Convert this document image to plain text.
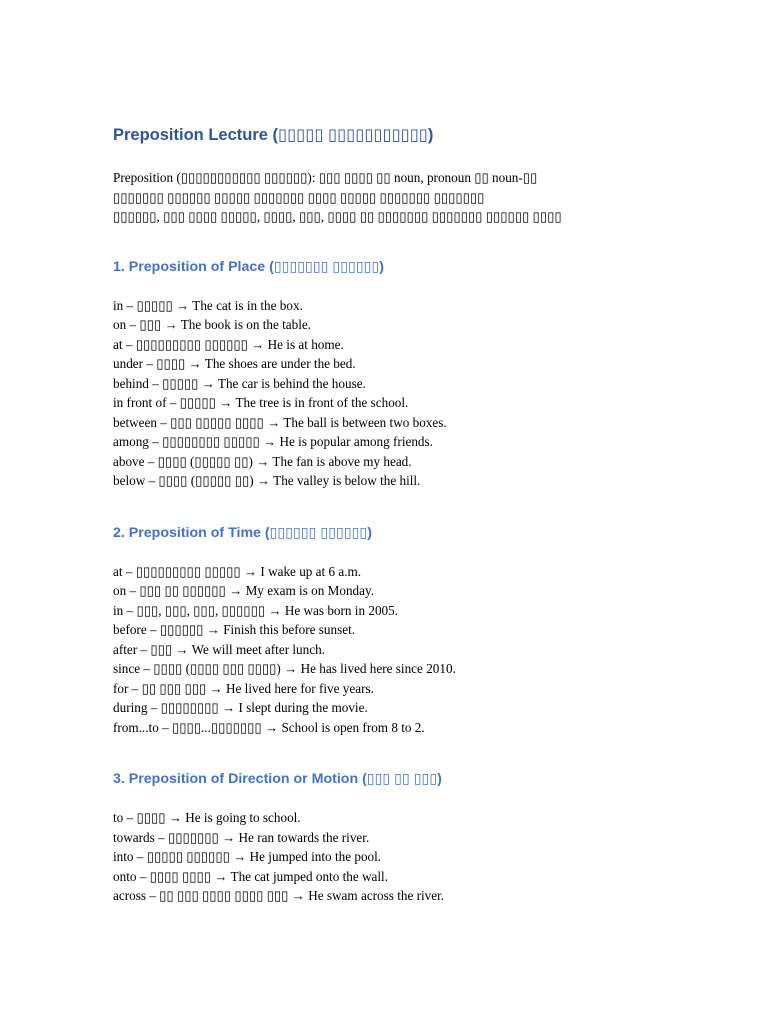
Preposition Lecture (▯▯▯▯▯ ▯▯▯▯▯▯▯▯▯▯▯)

Preposition (▯▯▯▯▯▯▯▯▯▯▯ ▯▯▯▯▯▯): ▯▯▯ ▯▯▯▯ ▯▯ noun, pronoun ▯▯ noun-▯▯
▯▯▯▯▯▯▯ ▯▯▯▯▯▯ ▯▯▯▯▯ ▯▯▯▯▯▯▯ ▯▯▯▯ ▯▯▯▯▯ ▯▯▯▯▯▯▯ ▯▯▯▯▯▯▯
▯▯▯▯▯▯, ▯▯▯ ▯▯▯▯ ▯▯▯▯▯, ▯▯▯▯, ▯▯▯, ▯▯▯▯ ▯▯ ▯▯▯▯▯▯▯ ▯▯▯▯▯▯▯ ▯▯▯▯▯▯ ▯▯▯▯

1. Preposition of Place (▯▯▯▯▯▯▯ ▯▯▯▯▯▯)
in – ▯▯▯▯▯ → The cat is in the box.
on – ▯▯▯ → The book is on the table.
at – ▯▯▯▯▯▯▯▯▯ ▯▯▯▯▯▯ → He is at home.
under – ▯▯▯▯ → The shoes are under the bed.
behind – ▯▯▯▯▯ → The car is behind the house.
in front of – ▯▯▯▯▯ → The tree is in front of the school.
between – ▯▯▯ ▯▯▯▯▯ ▯▯▯▯ → The ball is between two boxes.
among – ▯▯▯▯▯▯▯▯ ▯▯▯▯▯ → He is popular among friends.
above – ▯▯▯▯ (▯▯▯▯▯ ▯▯) → The fan is above my head.
below – ▯▯▯▯ (▯▯▯▯▯ ▯▯) → The valley is below the hill.
2. Preposition of Time (▯▯▯▯▯▯ ▯▯▯▯▯▯)
at – ▯▯▯▯▯▯▯▯▯ ▯▯▯▯▯ → I wake up at 6 a.m.
on – ▯▯▯ ▯▯ ▯▯▯▯▯▯ → My exam is on Monday.
in – ▯▯▯, ▯▯▯, ▯▯▯, ▯▯▯▯▯▯ → He was born in 2005.
before – ▯▯▯▯▯▯ → Finish this before sunset.
after – ▯▯▯ → We will meet after lunch.
since – ▯▯▯▯ (▯▯▯▯ ▯▯▯ ▯▯▯▯) → He has lived here since 2010.
for – ▯▯ ▯▯▯ ▯▯▯ → He lived here for five years.
during – ▯▯▯▯▯▯▯▯ → I slept during the movie.
from...to – ▯▯▯▯...▯▯▯▯▯▯▯ → School is open from 8 to 2.
3. Preposition of Direction or Motion (▯▯▯ ▯▯ ▯▯▯)
to – ▯▯▯▯ → He is going to school.
towards – ▯▯▯▯▯▯▯ → He ran towards the river.
into – ▯▯▯▯▯ ▯▯▯▯▯▯ → He jumped into the pool.
onto – ▯▯▯▯ ▯▯▯▯ → The cat jumped onto the wall.
across – ▯▯ ▯▯▯ ▯▯▯▯ ▯▯▯▯ ▯▯▯ → He swam across the river.
